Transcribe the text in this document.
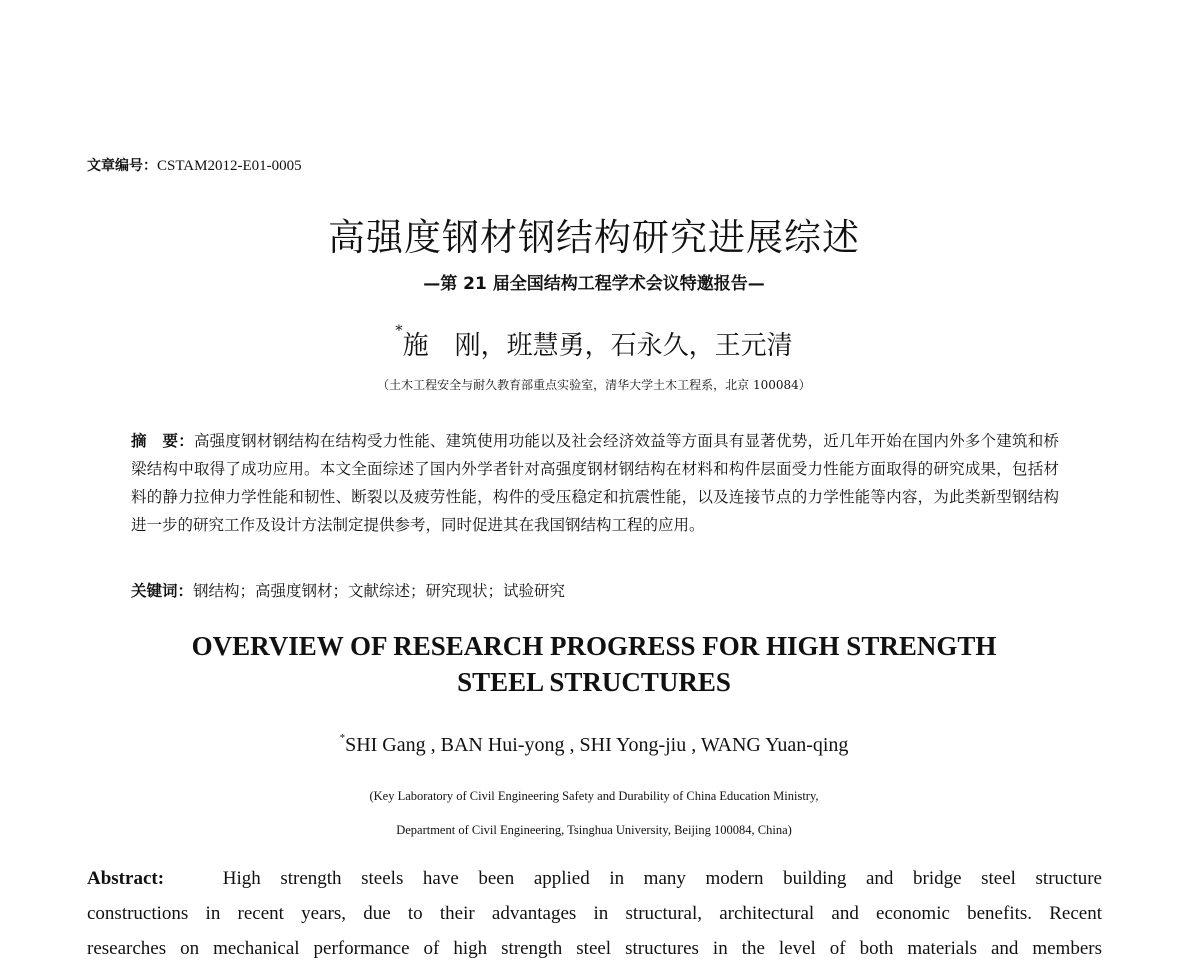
文章编号：CSTAM2012-E01-0005
高强度钢材钢结构研究进展综述
—第 21 届全国结构工程学术会议特邀报告—
*施　刚，班慧勇，石永久，王元清
（土木工程安全与耐久教育部重点实验室，清华大学土木工程系，北京 100084）
摘　要：高强度钢材钢结构在结构受力性能、建筑使用功能以及社会经济效益等方面具有显著优势，近几年开始在国内外多个建筑和桥梁结构中取得了成功应用。本文全面综述了国内外学者针对高强度钢材钢结构在材料和构件层面受力性能方面取得的研究成果，包括材料的静力拉伸力学性能和韧性、断裂以及疲劳性能，构件的受压稳定和抗震性能，以及连接节点的力学性能等内容，为此类新型钢结构进一步的研究工作及设计方法制定提供参考，同时促进其在我国钢结构工程的应用。
关键词：钢结构；高强度钢材；文献综述；研究现状；试验研究
OVERVIEW OF RESEARCH PROGRESS FOR HIGH STRENGTH
STEEL STRUCTURES
*SHI Gang , BAN Hui-yong , SHI Yong-jiu , WANG Yuan-qing
(Key Laboratory of Civil Engineering Safety and Durability of China Education Ministry,
Department of Civil Engineering, Tsinghua University, Beijing 100084, China)
Abstract:	High strength steels have been applied in many modern building and bridge steel structure
constructions in recent years, due to their advantages in structural, architectural and economic benefits. Recent
researches on mechanical performance of high strength steel structures in the level of both materials and members
